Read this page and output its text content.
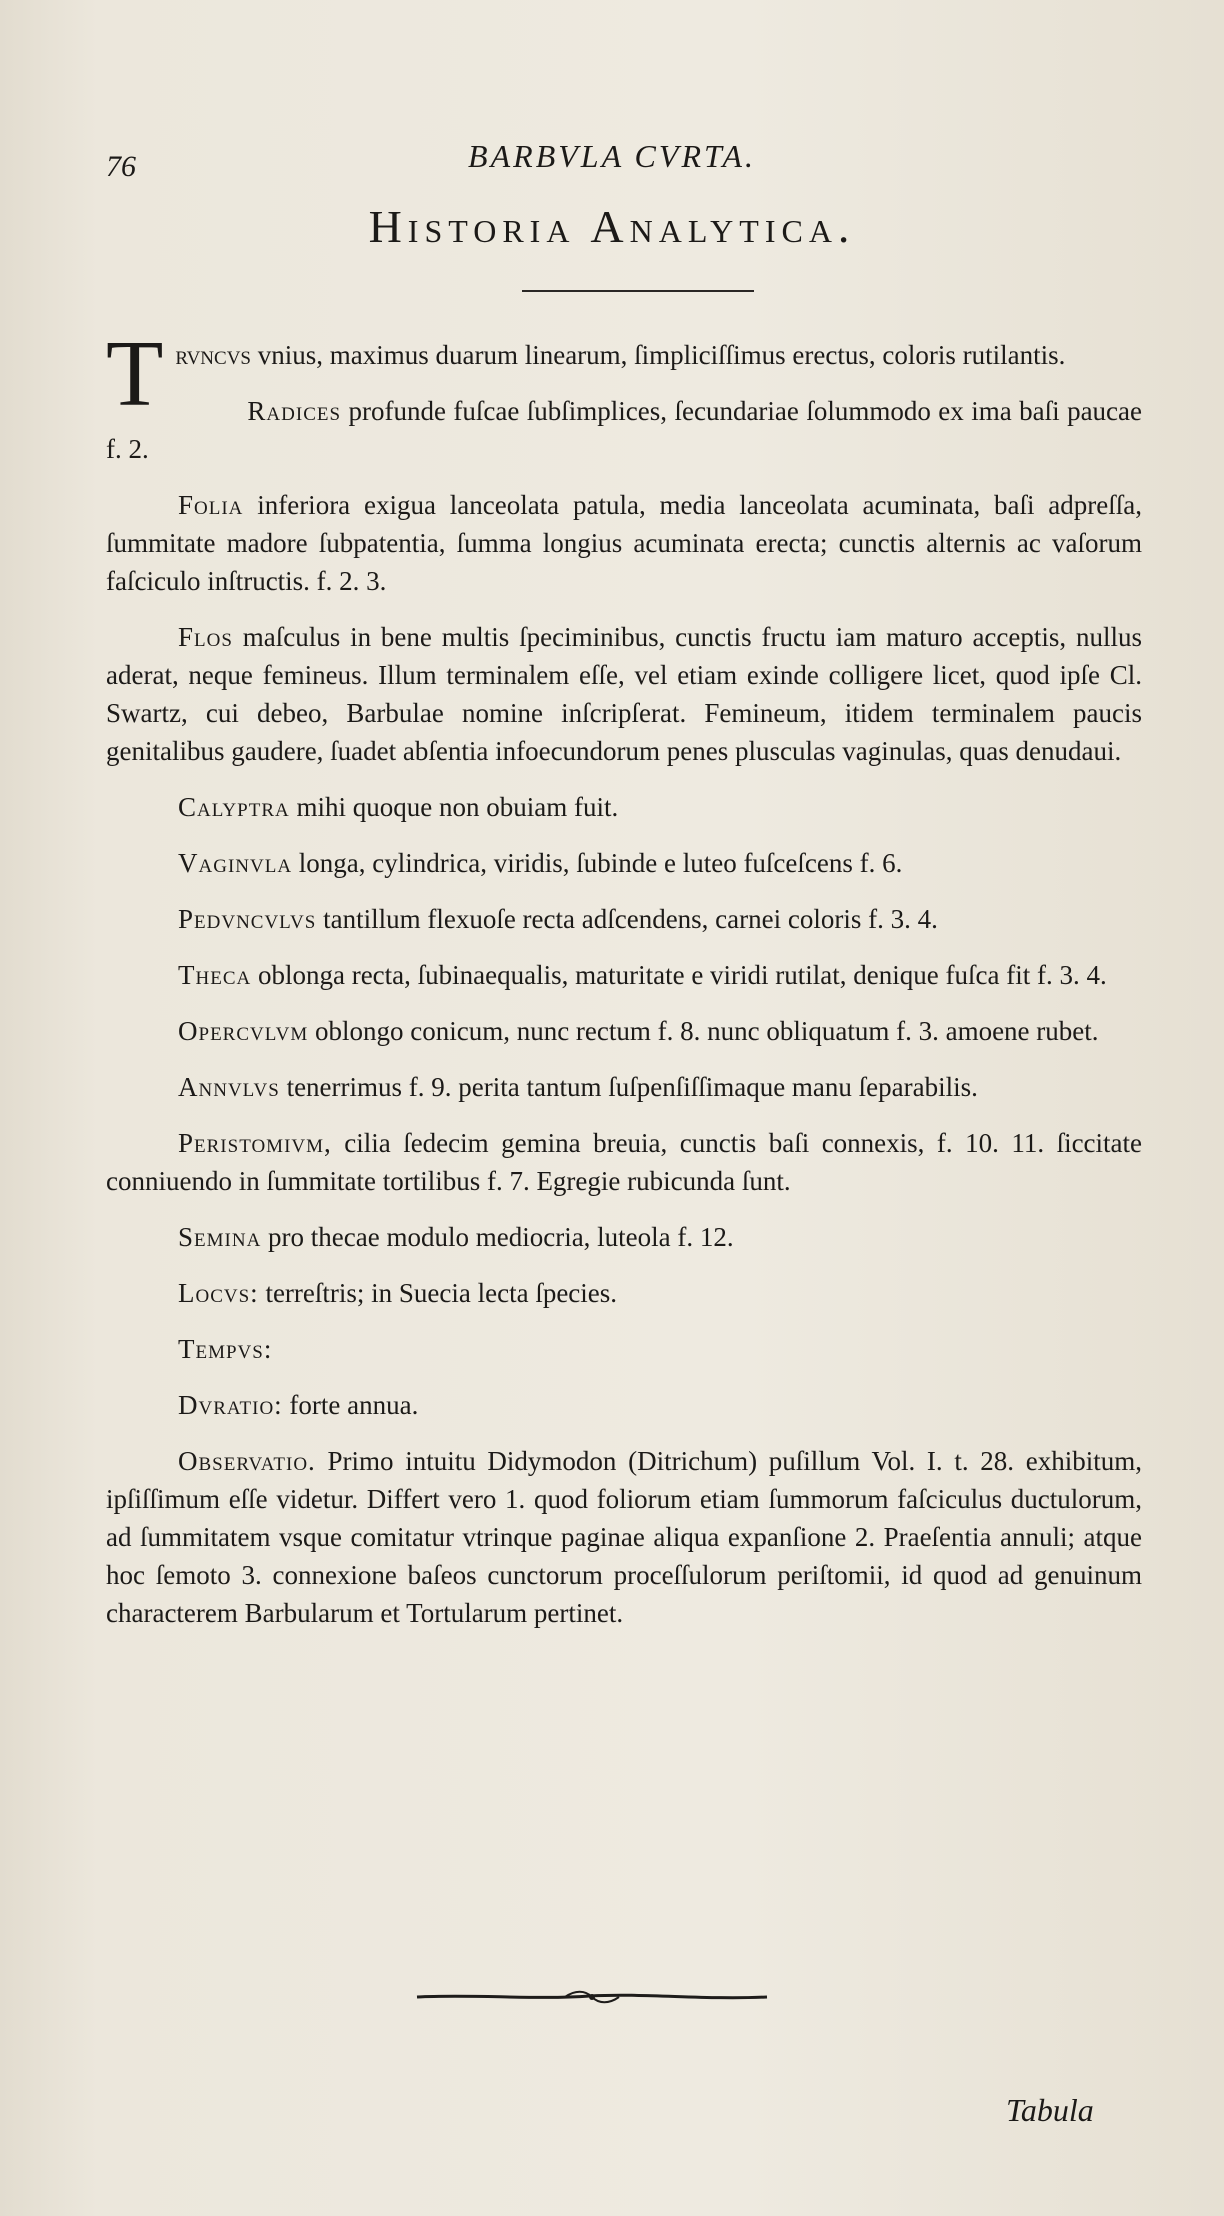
76	BARBVLA CVRTA.
Historia Analytica.

Trvncvs vnius, maximus duarum linearum, ſimpliciſſimus erectus, coloris rutilantis.

Radices profunde fuſcae ſubſimplices, ſecundariae ſolummodo ex ima baſi paucae f. 2.

Folia inferiora exigua lanceolata patula, media lanceolata acuminata, baſi adpreſſa, ſummitate madore ſubpatentia, ſumma longius acuminata erecta; cunctis alternis ac vaſorum faſciculo inſtructis. f. 2. 3.

Flos maſculus in bene multis ſpeciminibus, cunctis fructu iam maturo acceptis, nullus aderat, neque femineus. Illum terminalem eſſe, vel etiam exinde colligere licet, quod ipſe Cl. Swartz, cui debeo, Barbulae nomine inſcripſerat. Femineum, itidem terminalem paucis genitalibus gaudere, ſuadet abſentia infoecundorum penes plusculas vaginulas, quas denudaui.

Calyptra mihi quoque non obuiam fuit.

Vaginvla longa, cylindrica, viridis, ſubinde e luteo fuſceſcens f. 6.

Pedvncvlvs tantillum flexuoſe recta adſcendens, carnei coloris f. 3. 4.

Theca oblonga recta, ſubinaequalis, maturitate e viridi rutilat, denique fuſca fit f. 3. 4.

Opercvlvm oblongo conicum, nunc rectum f. 8. nunc obliquatum f. 3. amoene rubet.

Annvlvs tenerrimus f. 9. perita tantum ſuſpenſiſſimaque manu ſeparabilis.

Peristomivm, cilia ſedecim gemina breuia, cunctis baſi connexis, f. 10. 11. ſiccitate conniuendo in ſummitate tortilibus f. 7. Egregie rubicunda ſunt.

Semina pro thecae modulo mediocria, luteola f. 12.

Locvs: terreſtris; in Suecia lecta ſpecies.

Tempvs:

Dvratio: forte annua.

Observatio. Primo intuitu Didymodon (Ditrichum) puſillum Vol. I. t. 28. exhibitum, ipſiſſimum eſſe videtur. Differt vero 1. quod foliorum etiam ſummorum faſciculus ductulorum, ad ſummitatem vsque comitatur vtrinque paginae aliqua expanſione 2. Praeſentia annuli; atque hoc ſemoto 3. connexione baſeos cunctorum proceſſulorum periſtomii, id quod ad genuinum characterem Barbularum et Tortularum pertinet.

Tabula
